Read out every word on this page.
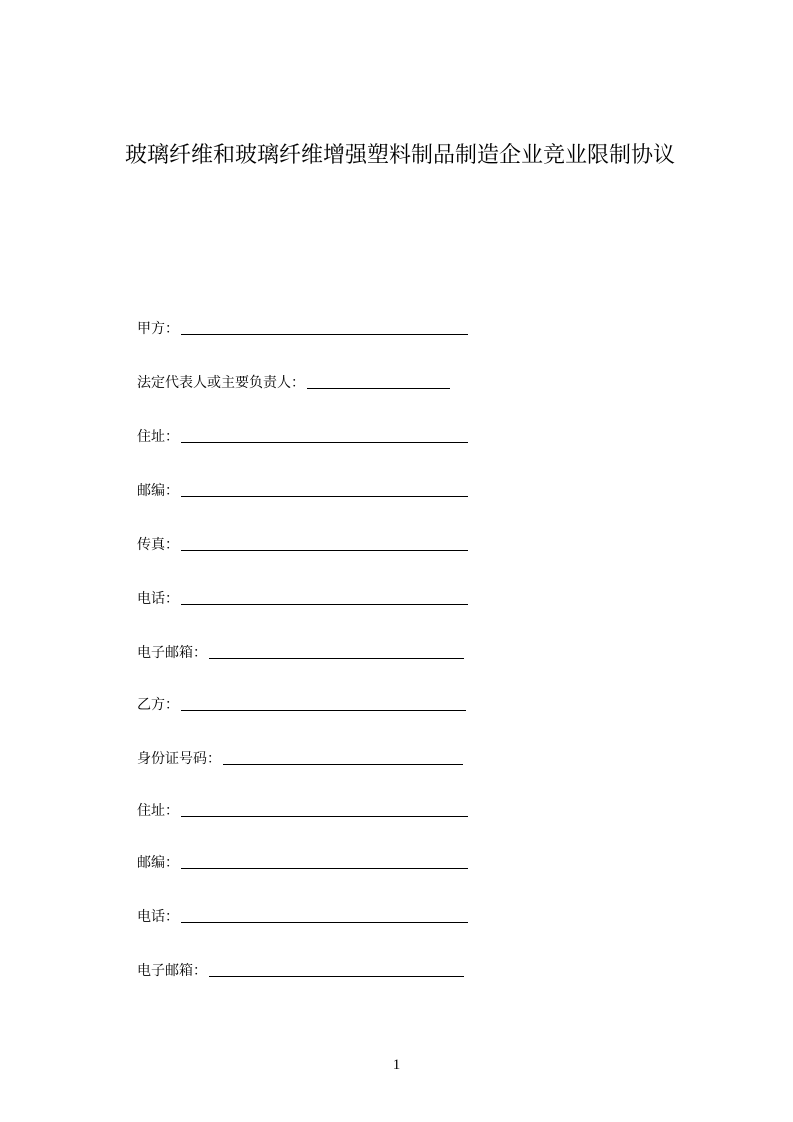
玻璃纤维和玻璃纤维增强塑料制品制造企业竞业限制协议
甲方：
法定代表人或主要负责人：
住址：
邮编：
传真：
电话：
电子邮箱：
乙方：
身份证号码：
住址：
邮编：
电话：
电子邮箱：
1
